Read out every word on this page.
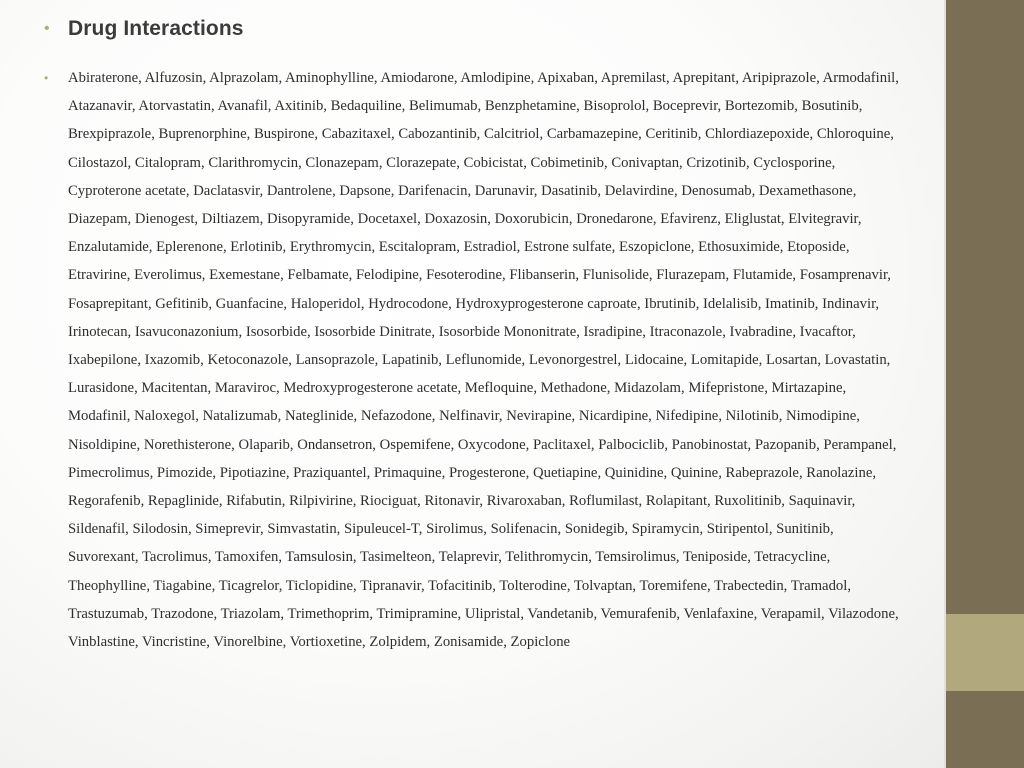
• Drug Interactions
•	Abiraterone, Alfuzosin, Alprazolam, Aminophylline, Amiodarone, Amlodipine, Apixaban, Apremilast, Aprepitant, Aripiprazole, Armodafinil, Atazanavir, Atorvastatin, Avanafil, Axitinib, Bedaquiline, Belimumab, Benzphetamine, Bisoprolol, Boceprevir, Bortezomib, Bosutinib, Brexpiprazole, Buprenorphine, Buspirone, Cabazitaxel, Cabozantinib, Calcitriol, Carbamazepine, Ceritinib, Chlordiazepoxide, Chloroquine, Cilostazol, Citalopram, Clarithromycin, Clonazepam, Clorazepate, Cobicistat, Cobimetinib, Conivaptan, Crizotinib, Cyclosporine, Cyproterone acetate, Daclatasvir, Dantrolene, Dapsone, Darifenacin, Darunavir, Dasatinib, Delavirdine, Denosumab, Dexamethasone, Diazepam, Dienogest, Diltiazem, Disopyramide, Docetaxel, Doxazosin, Doxorubicin, Dronedarone, Efavirenz, Eliglustat, Elvitegravir, Enzalutamide, Eplerenone, Erlotinib, Erythromycin, Escitalopram, Estradiol, Estrone sulfate, Eszopiclone, Ethosuximide, Etoposide, Etravirine, Everolimus, Exemestane, Felbamate, Felodipine, Fesoterodine, Flibanserin, Flunisolide, Flurazepam, Flutamide, Fosamprenavir, Fosaprepitant, Gefitinib, Guanfacine, Haloperidol, Hydrocodone, Hydroxyprogesterone caproate, Ibrutinib, Idelalisib, Imatinib, Indinavir, Irinotecan, Isavuconazonium, Isosorbide, Isosorbide Dinitrate, Isosorbide Mononitrate, Isradipine, Itraconazole, Ivabradine, Ivacaftor, Ixabepilone, Ixazomib, Ketoconazole, Lansoprazole, Lapatinib, Leflunomide, Levonorgestrel, Lidocaine, Lomitapide, Losartan, Lovastatin, Lurasidone, Macitentan, Maraviroc, Medroxyprogesterone acetate, Mefloquine, Methadone, Midazolam, Mifepristone, Mirtazapine, Modafinil, Naloxegol, Natalizumab, Nateglinide, Nefazodone, Nelfinavir, Nevirapine, Nicardipine, Nifedipine, Nilotinib, Nimodipine, Nisoldipine, Norethisterone, Olaparib, Ondansetron, Ospemifene, Oxycodone, Paclitaxel, Palbociclib, Panobinostat, Pazopanib, Perampanel, Pimecrolimus, Pimozide, Pipotiazine, Praziquantel, Primaquine, Progesterone, Quetiapine, Quinidine, Quinine, Rabeprazole, Ranolazine, Regorafenib, Repaglinide, Rifabutin, Rilpivirine, Riociguat, Ritonavir, Rivaroxaban, Roflumilast, Rolapitant, Ruxolitinib, Saquinavir, Sildenafil, Silodosin, Simeprevir, Simvastatin, Sipuleucel-T, Sirolimus, Solifenacin, Sonidegib, Spiramycin, Stiripentol, Sunitinib, Suvorexant, Tacrolimus, Tamoxifen, Tamsulosin, Tasimelteon, Telaprevir, Telithromycin, Temsirolimus, Teniposide, Tetracycline, Theophylline, Tiagabine, Ticagrelor, Ticlopidine, Tipranavir, Tofacitinib, Tolterodine, Tolvaptan, Toremifene, Trabectedin, Tramadol, Trastuzumab, Trazodone, Triazolam, Trimethoprim, Trimipramine, Ulipristal, Vandetanib, Vemurafenib, Venlafaxine, Verapamil, Vilazodone, Vinblastine, Vincristine, Vinorelbine, Vortioxetine, Zolpidem, Zonisamide, Zopiclone
